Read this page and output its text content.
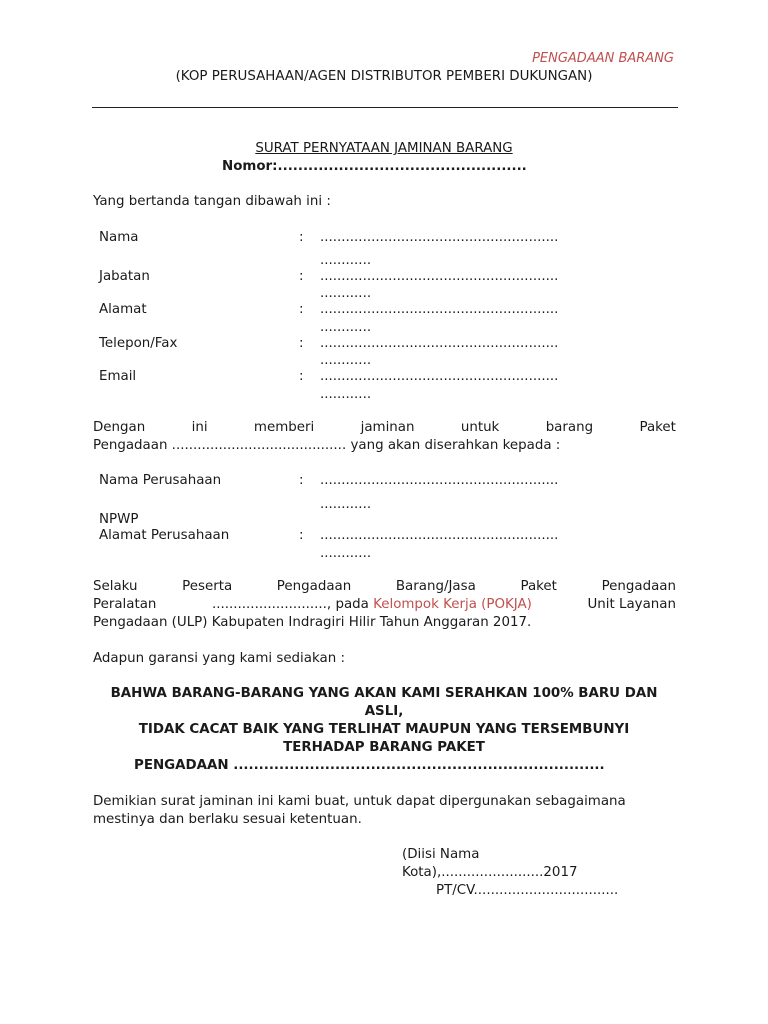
PENGADAAN BARANG
(KOP PERUSAHAAN/AGEN DISTRIBUTOR PEMBERI DUKUNGAN)
SURAT PERNYATAAN JAMINAN BARANG
Nomor:.................................................
Yang bertanda tangan dibawah ini :
Nama	: ........................................................
............
Jabatan	: ........................................................
............
Alamat	: ........................................................
............
Telepon/Fax	: ........................................................
............
Email	: ........................................................
............
Dengan	ini	memberi	jaminan	untuk	barang	Paket
Pengadaan ......................................... yang akan diserahkan kepada :
Nama Perusahaan	: ........................................................
............
NPWP
Alamat Perusahaan	: ........................................................
............
Selaku	Peserta	Pengadaan	Barang/Jasa	Paket	Pengadaan
Peralatan	..........................., pada Kelompok Kerja (POKJA)	Unit Layanan
Pengadaan (ULP) Kabupaten Indragiri Hilir Tahun Anggaran 2017.
Adapun garansi yang kami sediakan :
BAHWA BARANG-BARANG YANG AKAN KAMI SERAHKAN 100% BARU DAN
ASLI,
TIDAK CACAT BAIK YANG TERLIHAT MAUPUN YANG TERSEMBUNYI
TERHADAP BARANG PAKET
PENGADAAN .........................................................................
Demikian surat jaminan ini kami buat, untuk dapat dipergunakan sebagaimana
mestinya dan berlaku sesuai ketentuan.
(Diisi Nama
Kota),........................2017
PT/CV..................................
